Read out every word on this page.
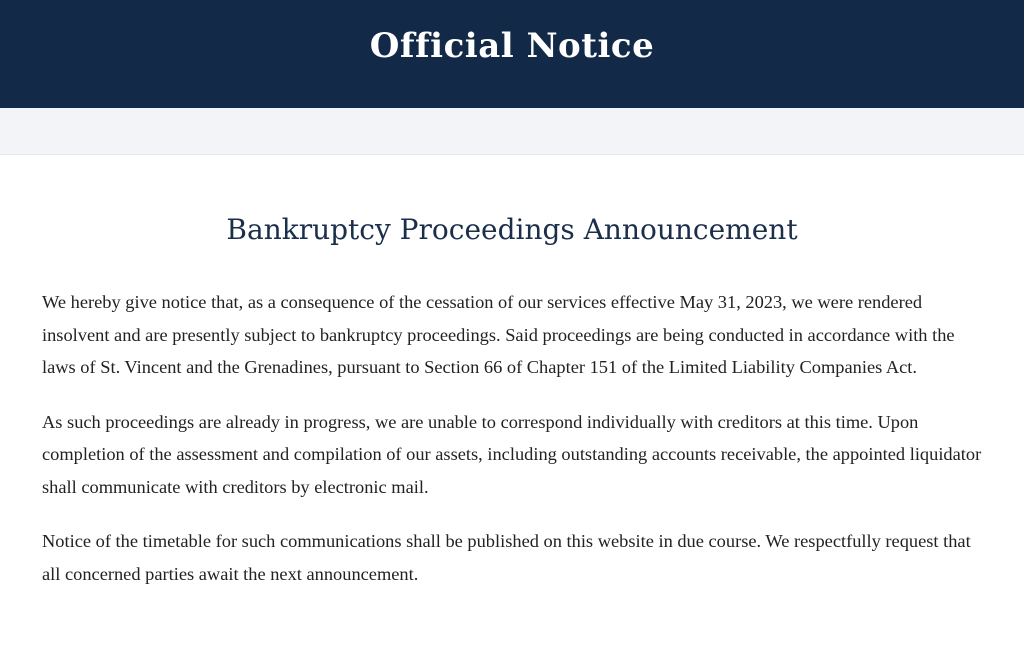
Official Notice
Bankruptcy Proceedings Announcement

We hereby give notice that, as a consequence of the cessation of our services effective May 31, 2023, we were rendered insolvent and are presently subject to bankruptcy proceedings. Said proceedings are being conducted in accordance with the laws of St. Vincent and the Grenadines, pursuant to Section 66 of Chapter 151 of the Limited Liability Companies Act.

As such proceedings are already in progress, we are unable to correspond individually with creditors at this time. Upon completion of the assessment and compilation of our assets, including outstanding accounts receivable, the appointed liquidator shall communicate with creditors by electronic mail.

Notice of the timetable for such communications shall be published on this website in due course. We respectfully request that all concerned parties await the next announcement.
